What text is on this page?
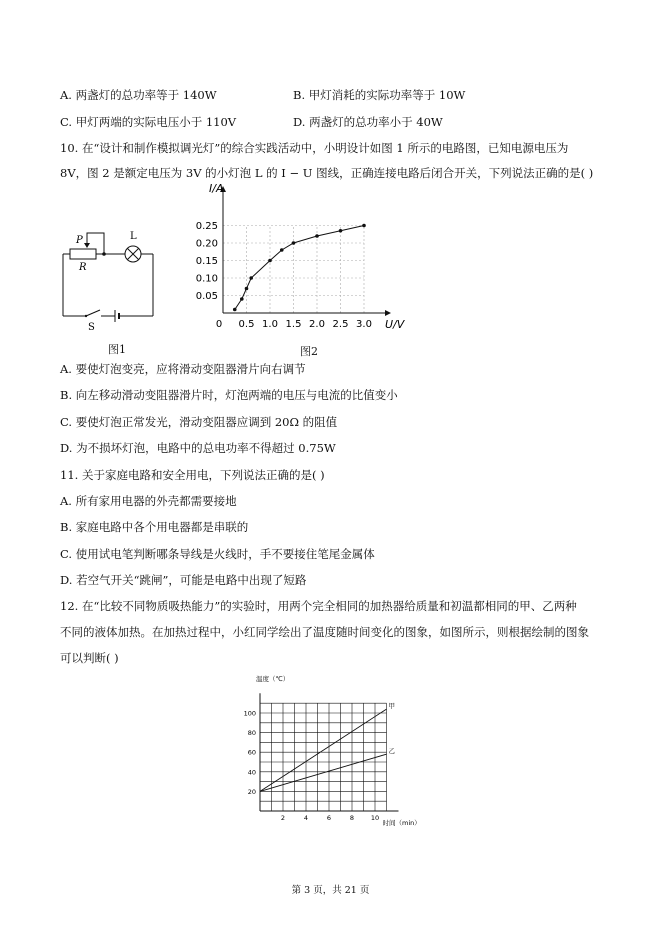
A. 两盏灯的总功率等于 140W	B. 甲灯消耗的实际功率等于 10W
C. 甲灯两端的实际电压小于 110V	D. 两盏灯的总功率小于 40W
10. 在“设计和制作模拟调光灯”的综合实践活动中，小明设计如图 1 所示的电路图，已知电源电压为
8V，图 2 是额定电压为 3V 的小灯泡 L 的 I − U 图线，正确连接电路后闭合开关，下列说法正确的是( )
P
R
L
S
图1
0.05
0.10
0.15
0.20
0.25
0 0.5 1.0 1.5 2.0 2.5 3.0
I/A
U/V
图2
A. 要使灯泡变亮，应将滑动变阻器滑片向右调节
B. 向左移动滑动变阻器滑片时，灯泡两端的电压与电流的比值变小
C. 要使灯泡正常发光，滑动变阻器应调到 20Ω 的阻值
D. 为不损坏灯泡，电路中的总电功率不得超过 0.75W
11. 关于家庭电路和安全用电，下列说法正确的是( )
A. 所有家用电器的外壳都需要接地
B. 家庭电路中各个用电器都是串联的
C. 使用试电笔判断哪条导线是火线时，手不要接住笔尾金属体
D. 若空气开关“跳闸”，可能是电路中出现了短路
12. 在“比较不同物质吸热能力”的实验时，用两个完全相同的加热器给质量和初温都相同的甲、乙两种
不同的液体加热。在加热过程中，小红同学绘出了温度随时间变化的图象，如图所示，则根据绘制的图象
可以判断( )
温度（℃）
时间（min）
20
40
60
80
100
2	4	6	8	10
甲
乙
第 3 页，共 21 页
